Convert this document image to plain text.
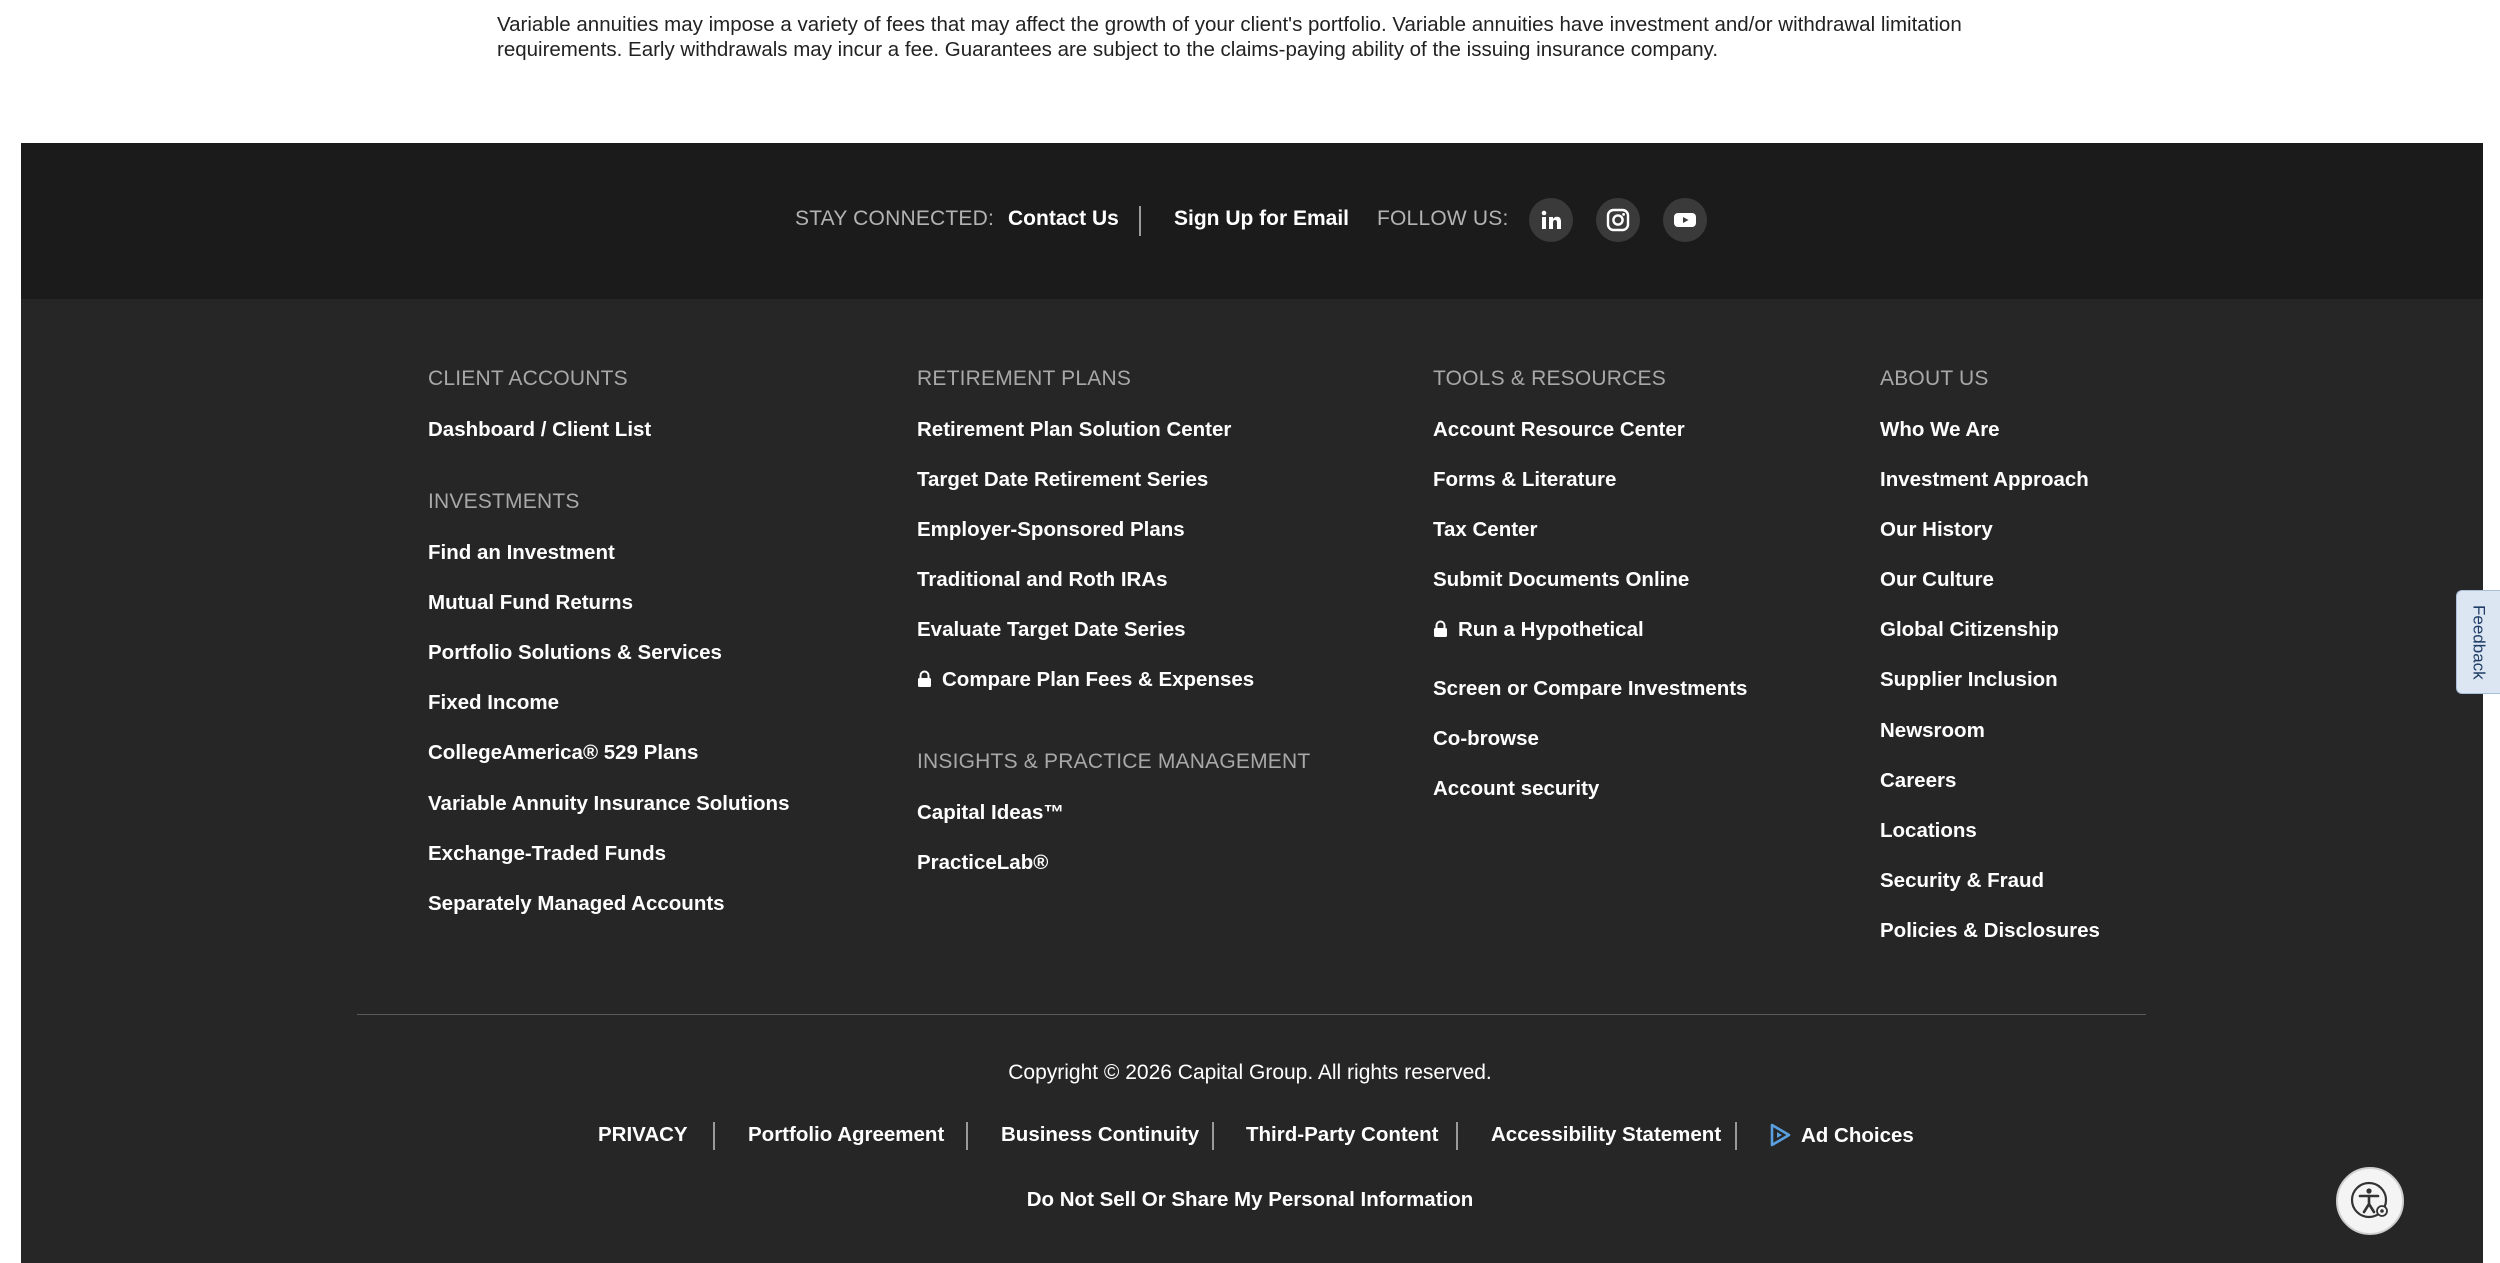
Variable annuities may impose a variety of fees that may affect the growth of your client's portfolio. Variable annuities have investment and/or withdrawal limitation requirements. Early withdrawals may incur a fee. Guarantees are subject to the claims-paying ability of the issuing insurance company.
STAY CONNECTED: Contact Us	Sign Up for Email FOLLOW US:
CLIENT ACCOUNTS
Dashboard / Client List
INVESTMENTS
Find an Investment
Mutual Fund Returns
Portfolio Solutions & Services
Fixed Income
CollegeAmerica® 529 Plans
Variable Annuity Insurance Solutions
Exchange-Traded Funds
Separately Managed Accounts
RETIREMENT PLANS
Retirement Plan Solution Center
Target Date Retirement Series
Employer-Sponsored Plans
Traditional and Roth IRAs
Evaluate Target Date Series
Compare Plan Fees & Expenses
INSIGHTS & PRACTICE MANAGEMENT
Capital Ideas™
PracticeLab®
TOOLS & RESOURCES
Account Resource Center
Forms & Literature
Tax Center
Submit Documents Online
Run a Hypothetical
Screen or Compare Investments
Co-browse
Account security
ABOUT US
Who We Are
Investment Approach
Our History
Our Culture
Global Citizenship
Supplier Inclusion
Newsroom
Careers
Locations
Security & Fraud
Policies & Disclosures
Copyright © 2026 Capital Group. All rights reserved.
PRIVACY	Portfolio Agreement	Business Continuity Third-Party Content	Accessibility Statement	Ad Choices
Do Not Sell Or Share My Personal Information
Feedback
